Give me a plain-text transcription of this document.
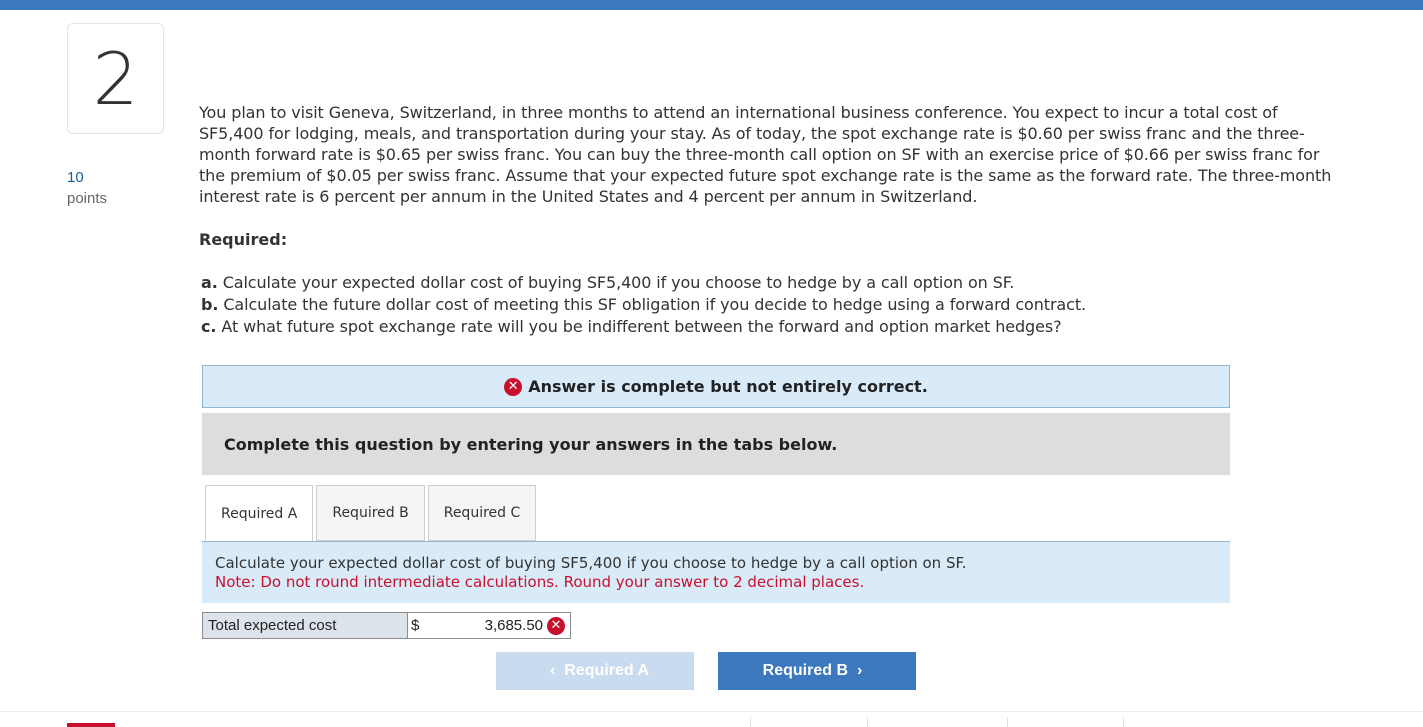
2
10
points
You plan to visit Geneva, Switzerland, in three months to attend an international business conference. You expect to incur a total cost of SF5,400 for lodging, meals, and transportation during your stay. As of today, the spot exchange rate is $0.60 per swiss franc and the three-month forward rate is $0.65 per swiss franc. You can buy the three-month call option on SF with an exercise price of $0.66 per swiss franc for the premium of $0.05 per swiss franc. Assume that your expected future spot exchange rate is the same as the forward rate. The three-month interest rate is 6 percent per annum in the United States and 4 percent per annum in Switzerland.
Required:
a. Calculate your expected dollar cost of buying SF5,400 if you choose to hedge by a call option on SF.
b. Calculate the future dollar cost of meeting this SF obligation if you decide to hedge using a forward contract.
c. At what future spot exchange rate will you be indifferent between the forward and option market hedges?
✕ Answer is complete but not entirely correct.
Complete this question by entering your answers in the tabs below.
Required A	Required B	Required C
Calculate your expected dollar cost of buying SF5,400 if you choose to hedge by a call option on SF.
Note: Do not round intermediate calculations. Round your answer to 2 decimal places.
Total expected cost	$	3,685.50 ✕
‹ Required A	Required B ›
